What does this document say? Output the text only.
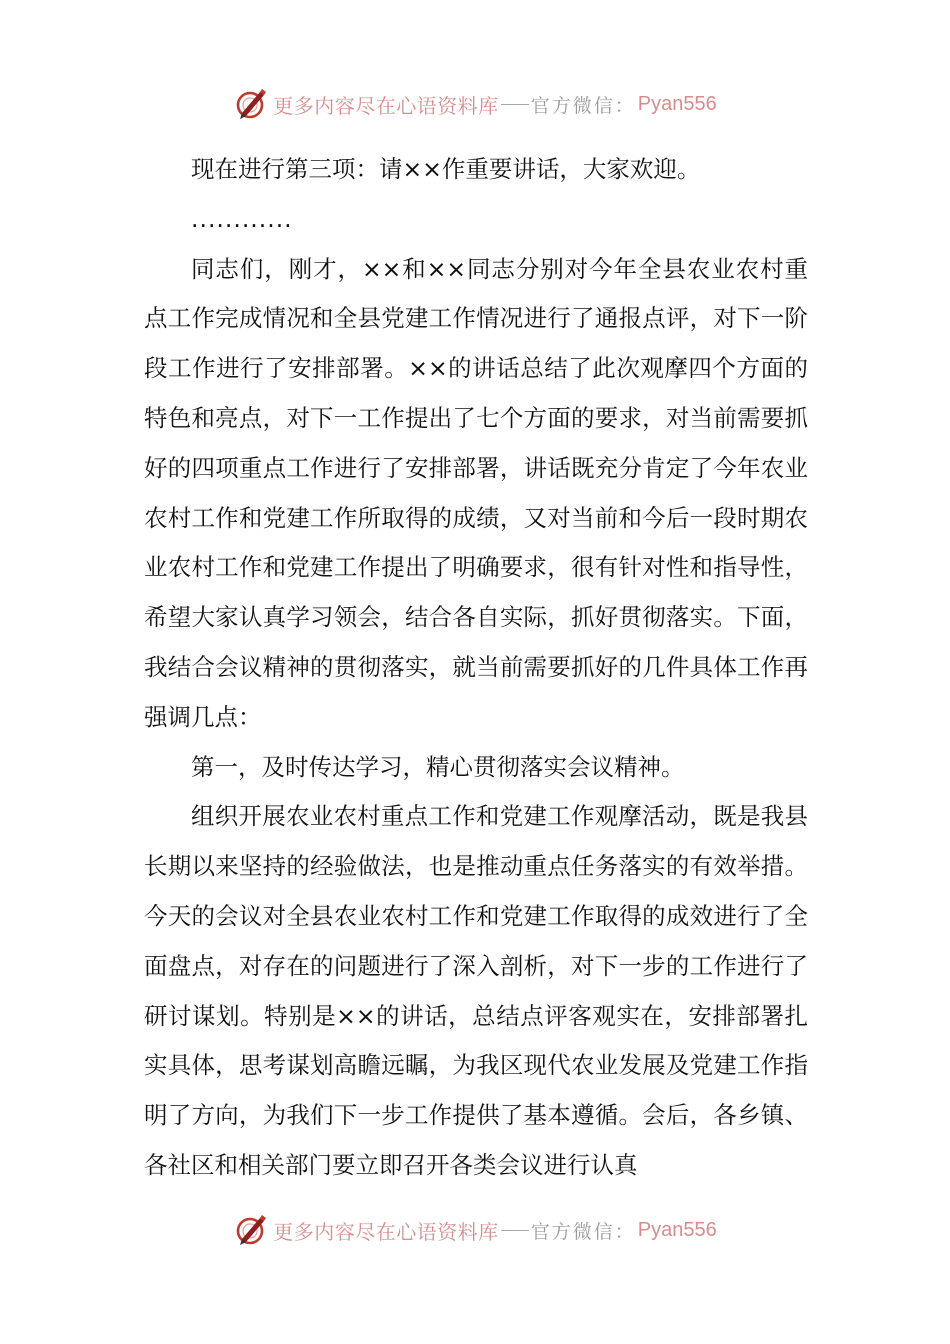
更多内容尽在心语资料库 官方微信： Pyan556

现在进行第三项：请××作重要讲话，大家欢迎。

............

同志们，刚才，××和××同志分别对今年全县农业农村重点工作完成情况和全县党建工作情况进行了通报点评，对下一阶段工作进行了安排部署。××的讲话总结了此次观摩四个方面的特色和亮点，对下一工作提出了七个方面的要求，对当前需要抓好的四项重点工作进行了安排部署，讲话既充分肯定了今年农业农村工作和党建工作所取得的成绩，又对当前和今后一段时期农业农村工作和党建工作提出了明确要求，很有针对性和指导性，希望大家认真学习领会，结合各自实际，抓好贯彻落实。下面，我结合会议精神的贯彻落实，就当前需要抓好的几件具体工作再强调几点：

第一，及时传达学习，精心贯彻落实会议精神。

组织开展农业农村重点工作和党建工作观摩活动，既是我县长期以来坚持的经验做法，也是推动重点任务落实的有效举措。今天的会议对全县农业农村工作和党建工作取得的成效进行了全面盘点，对存在的问题进行了深入剖析，对下一步的工作进行了研讨谋划。特别是××的讲话，总结点评客观实在，安排部署扎实具体，思考谋划高瞻远瞩，为我区现代农业发展及党建工作指明了方向，为我们下一步工作提供了基本遵循。会后，各乡镇、各社区和相关部门要立即召开各类会议进行认真

更多内容尽在心语资料库 官方微信： Pyan556
